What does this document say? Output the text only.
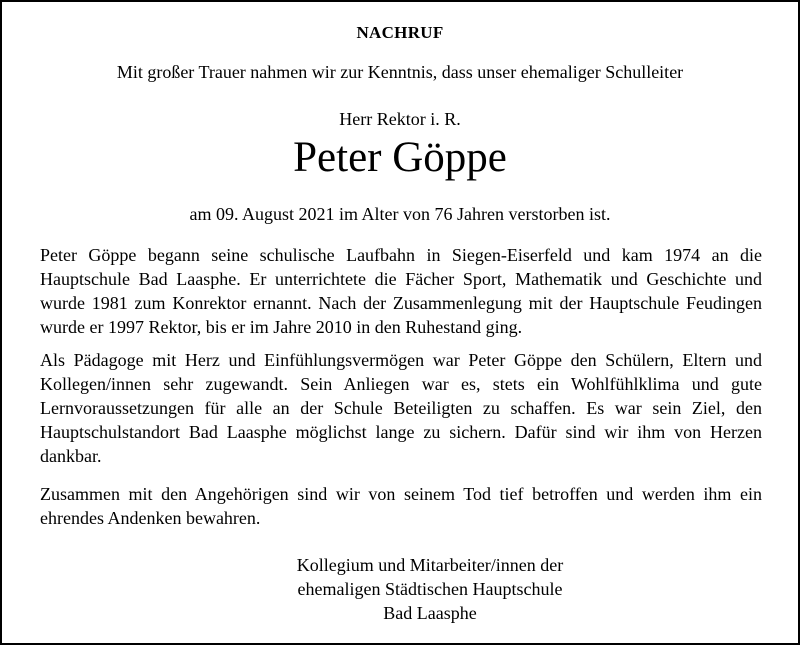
NACHRUF
Mit großer Trauer nahmen wir zur Kenntnis, dass unser ehemaliger Schulleiter
Herr Rektor i. R.
Peter Göppe
am 09. August 2021 im Alter von 76 Jahren verstorben ist.

Peter Göppe begann seine schulische Laufbahn in Siegen-Eiserfeld und kam 1974 an die Hauptschule Bad Laasphe. Er unterrichtete die Fächer Sport, Mathematik und Geschichte und wurde 1981 zum Konrektor ernannt. Nach der Zusammenlegung mit der Hauptschule Feudingen wurde er 1997 Rektor, bis er im Jahre 2010 in den Ruhestand ging.

Als Pädagoge mit Herz und Einfühlungsvermögen war Peter Göppe den Schülern, Eltern und Kollegen/innen sehr zugewandt. Sein Anliegen war es, stets ein Wohlfühlklima und gute Lernvoraussetzungen für alle an der Schule Beteiligten zu schaffen. Es war sein Ziel, den Hauptschulstandort Bad Laasphe möglichst lange zu sichern. Dafür sind wir ihm von Herzen dankbar.

Zusammen mit den Angehörigen sind wir von seinem Tod tief betroffen und werden ihm ein ehrendes Andenken bewahren.

Kollegium und Mitarbeiter/innen der
ehemaligen Städtischen Hauptschule
Bad Laasphe
